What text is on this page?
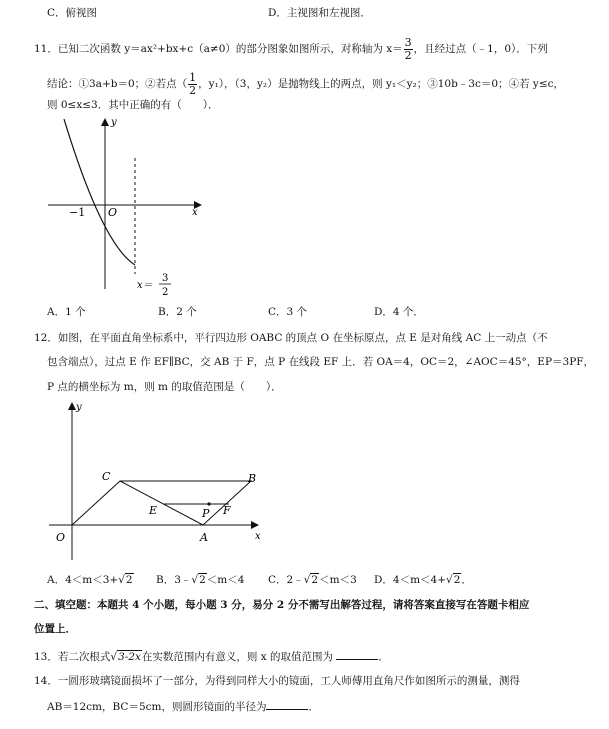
C．俯视图	D．主视图和左视图．
11．已知二次函数 y＝ax²+bx+c（a≠0）的部分图象如图所示，对称轴为 $x= \frac{3}{2}$ ，且经过点（﹣1，0）．下列
结论：①3a+b＝0；②若点（ $\frac{1}{2}$ ，y₁），（3，y₂）是抛物线上的两点，则 y₁＜y₂；③10b﹣3c＝0；④若 y≤c，
则 0≤x≤3．其中正确的有（　　）．
y
x
O
−1
x＝
3
2
A．1 个	B．2 个	C．3 个	D．4 个．
12．如图，在平面直角坐标系中，平行四边形 OABC 的顶点 O 在坐标原点，点 E 是对角线 AC 上一动点（不
包含端点），过点 E 作 EF∥BC，交 AB 于 F，点 P 在线段 EF 上．若 OA＝4，OC＝2，∠AOC＝45°，EP＝3PF，
P 点的横坐标为 m，则 m 的取值范围是（　　）．
y
x
O	A
B
C
E	F
P
A．4＜m＜3+√2 B．3﹣√2＜m＜4 C．2﹣√2＜m＜3 D．4＜m＜4+√2．
二、填空题：本题共 4 个小题，每小题 3 分，易分 2 分不需写出解答过程，请将答案直接写在答题卡相应
位置上．
13．若二次根式√3-2x在实数范围内有意义，则 x 的取值范围为	．
14．一圆形玻璃镜面损坏了一部分，为得到同样大小的镜面，工人师傅用直角尺作如图所示的测量，测得
AB＝12cm，BC＝5cm，则圆形镜面的半径为	．
